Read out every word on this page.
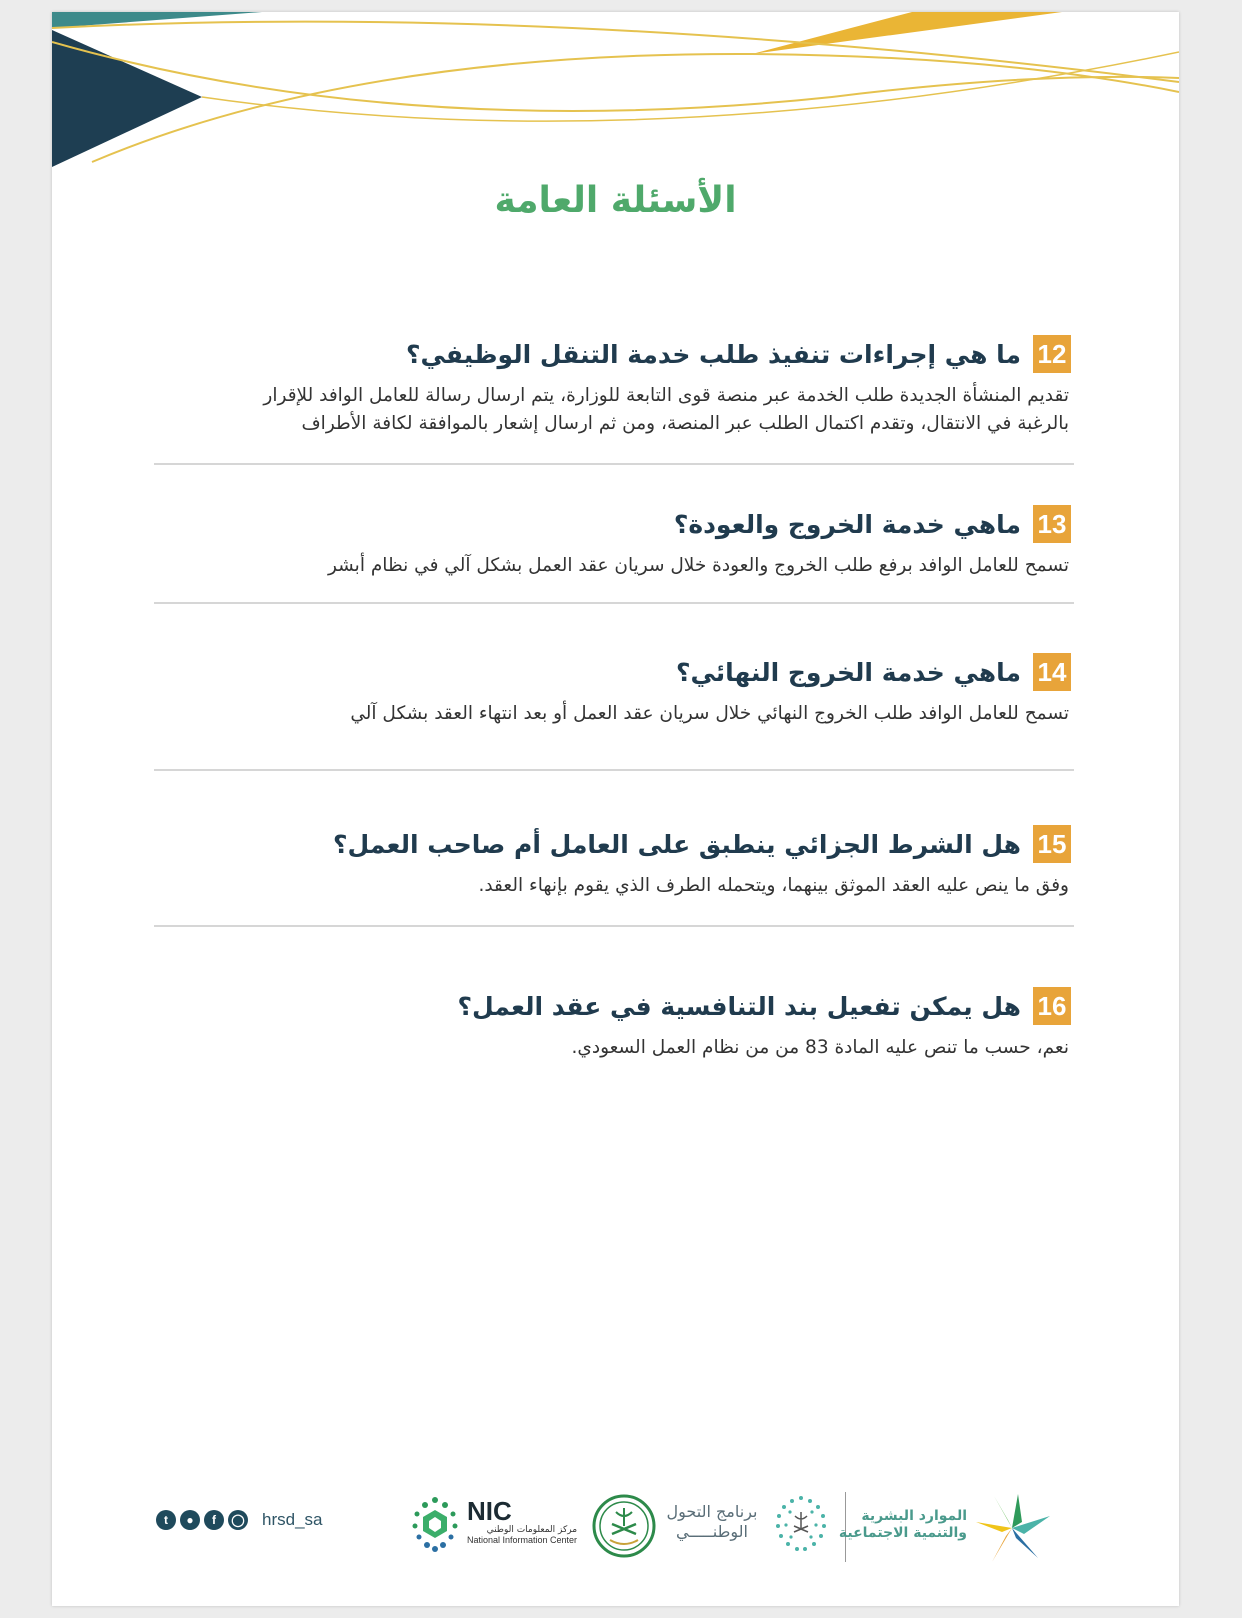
الأسئلة العامة
12
ما هي إجراءات تنفيذ طلب خدمة التنقل الوظيفي؟
تقديم المنشأة الجديدة طلب الخدمة عبر منصة قوى التابعة للوزارة، يتم ارسال رسالة للعامل الوافد للإقرار
بالرغبة في الانتقال، وتقدم اكتمال الطلب عبر المنصة، ومن ثم ارسال إشعار بالموافقة لكافة الأطراف
13
ماهي خدمة الخروج والعودة؟
تسمح للعامل الوافد برفع طلب الخروج والعودة خلال سريان عقد العمل بشكل آلي في نظام أبشر
14
ماهي خدمة الخروج النهائي؟
تسمح للعامل الوافد طلب الخروج النهائي خلال سريان عقد العمل أو بعد انتهاء العقد بشكل آلي
15
هل الشرط الجزائي ينطبق على العامل أم صاحب العمل؟
وفق ما ينص عليه العقد الموثق بينهما، ويتحمله الطرف الذي يقوم بإنهاء العقد.
16
هل يمكن تفعيل بند التنافسية في عقد العمل؟
نعم، حسب ما تنص عليه المادة 83 من من نظام العمل السعودي.
t	●	f	◯ hrsd_sa	NIC
مركز المعلومات الوطني
National Information Center
برنامج التحول
الوطنـــــي
الموارد البشرية
والتنمية الاجتماعية
